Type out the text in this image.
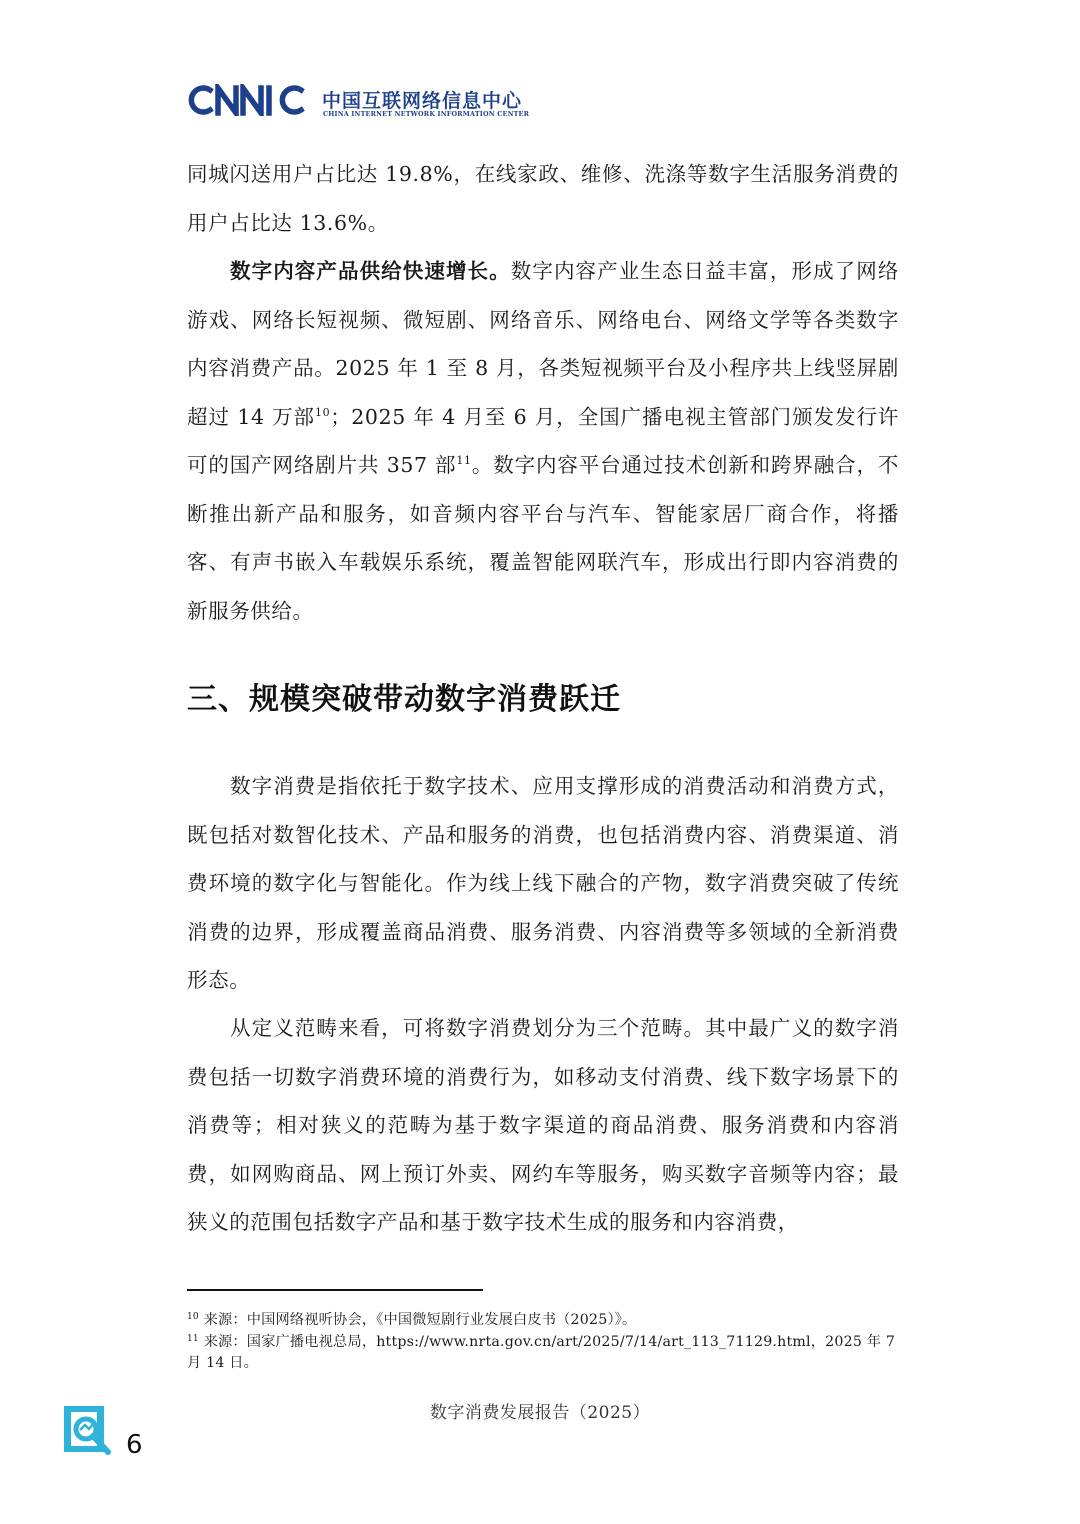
CNNIC
中国互联网络信息中心
CHINA INTERNET NETWORK INFORMATION CENTER

同城闪送用户占比达 19.8%，在线家政、维修、洗涤等数字生活服务消费的用户占比达 13.6%。

数字内容产品供给快速增长。数字内容产业生态日益丰富，形成了网络游戏、网络长短视频、微短剧、网络音乐、网络电台、网络文学等各类数字内容消费产品。2025 年 1 至 8 月，各类短视频平台及小程序共上线竖屏剧超过 14 万部$^{10}$；2025 年 4 月至 6 月，全国广播电视主管部门颁发发行许可的国产网络剧片共 357 部$^{11}$。数字内容平台通过技术创新和跨界融合，不断推出新产品和服务，如音频内容平台与汽车、智能家居厂商合作，将播客、有声书嵌入车载娱乐系统，覆盖智能网联汽车，形成出行即内容消费的新服务供给。

三、规模突破带动数字消费跃迁

数字消费是指依托于数字技术、应用支撑形成的消费活动和消费方式，既包括对数智化技术、产品和服务的消费，也包括消费内容、消费渠道、消费环境的数字化与智能化。作为线上线下融合的产物，数字消费突破了传统消费的边界，形成覆盖商品消费、服务消费、内容消费等多领域的全新消费形态。

从定义范畴来看，可将数字消费划分为三个范畴。其中最广义的数字消费包括一切数字消费环境的消费行为，如移动支付消费、线下数字场景下的消费等；相对狭义的范畴为基于数字渠道的商品消费、服务消费和内容消费，如网购商品、网上预订外卖、网约车等服务，购买数字音频等内容；最狭义的范围包括数字产品和基于数字技术生成的服务和内容消费，

$^{10}$ 来源：中国网络视听协会，《中国微短剧行业发展白皮书（2025）》。

$^{11}$ 来源：国家广播电视总局，https://www.nrta.gov.cn/art/2025/7/14/art_113_71129.html，2025 年 7 月 14 日。

数字消费发展报告（2025）
6
